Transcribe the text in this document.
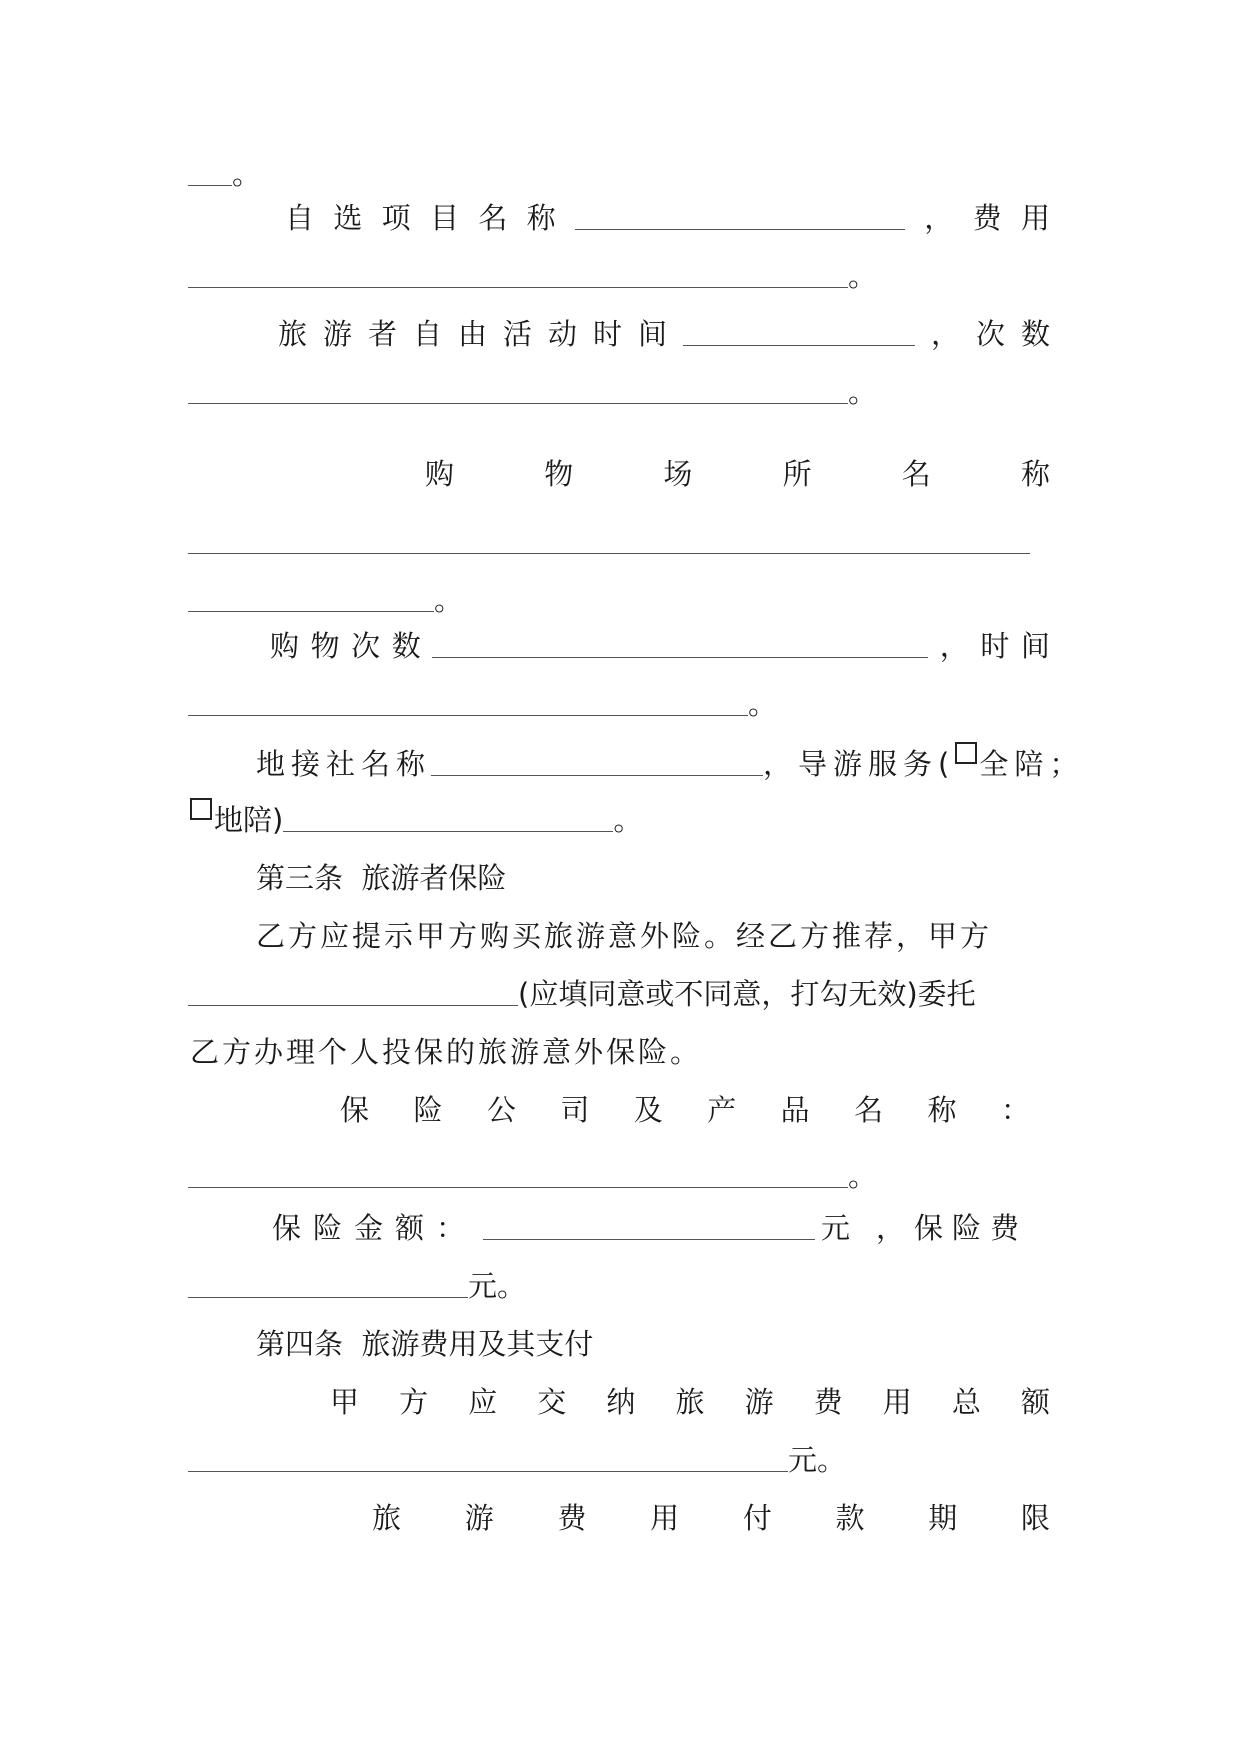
。
自 选 项 目 名 称	， 费 用
。
旅 游 者 自 由 活 动 时 间	， 次 数
。
购	物	场	所	名	称
。
购 物 次 数	， 时 间
。
地接社名称	，导游服务( 全陪；
地陪)	。
第三条  旅游者保险
乙方应提示甲方购买旅游意外险。经乙方推荐，甲方
(应填同意或不同意，打勾无效)委托
乙方办理个人投保的旅游意外保险。
保 险 公 司 及 产 品 名 称 ：
。
保险金额：	元 ，保险费
元。
第四条  旅游费用及其支付
甲 方 应 交 纳 旅 游 费 用 总 额
元。
旅 游 费 用 付 款 期 限
